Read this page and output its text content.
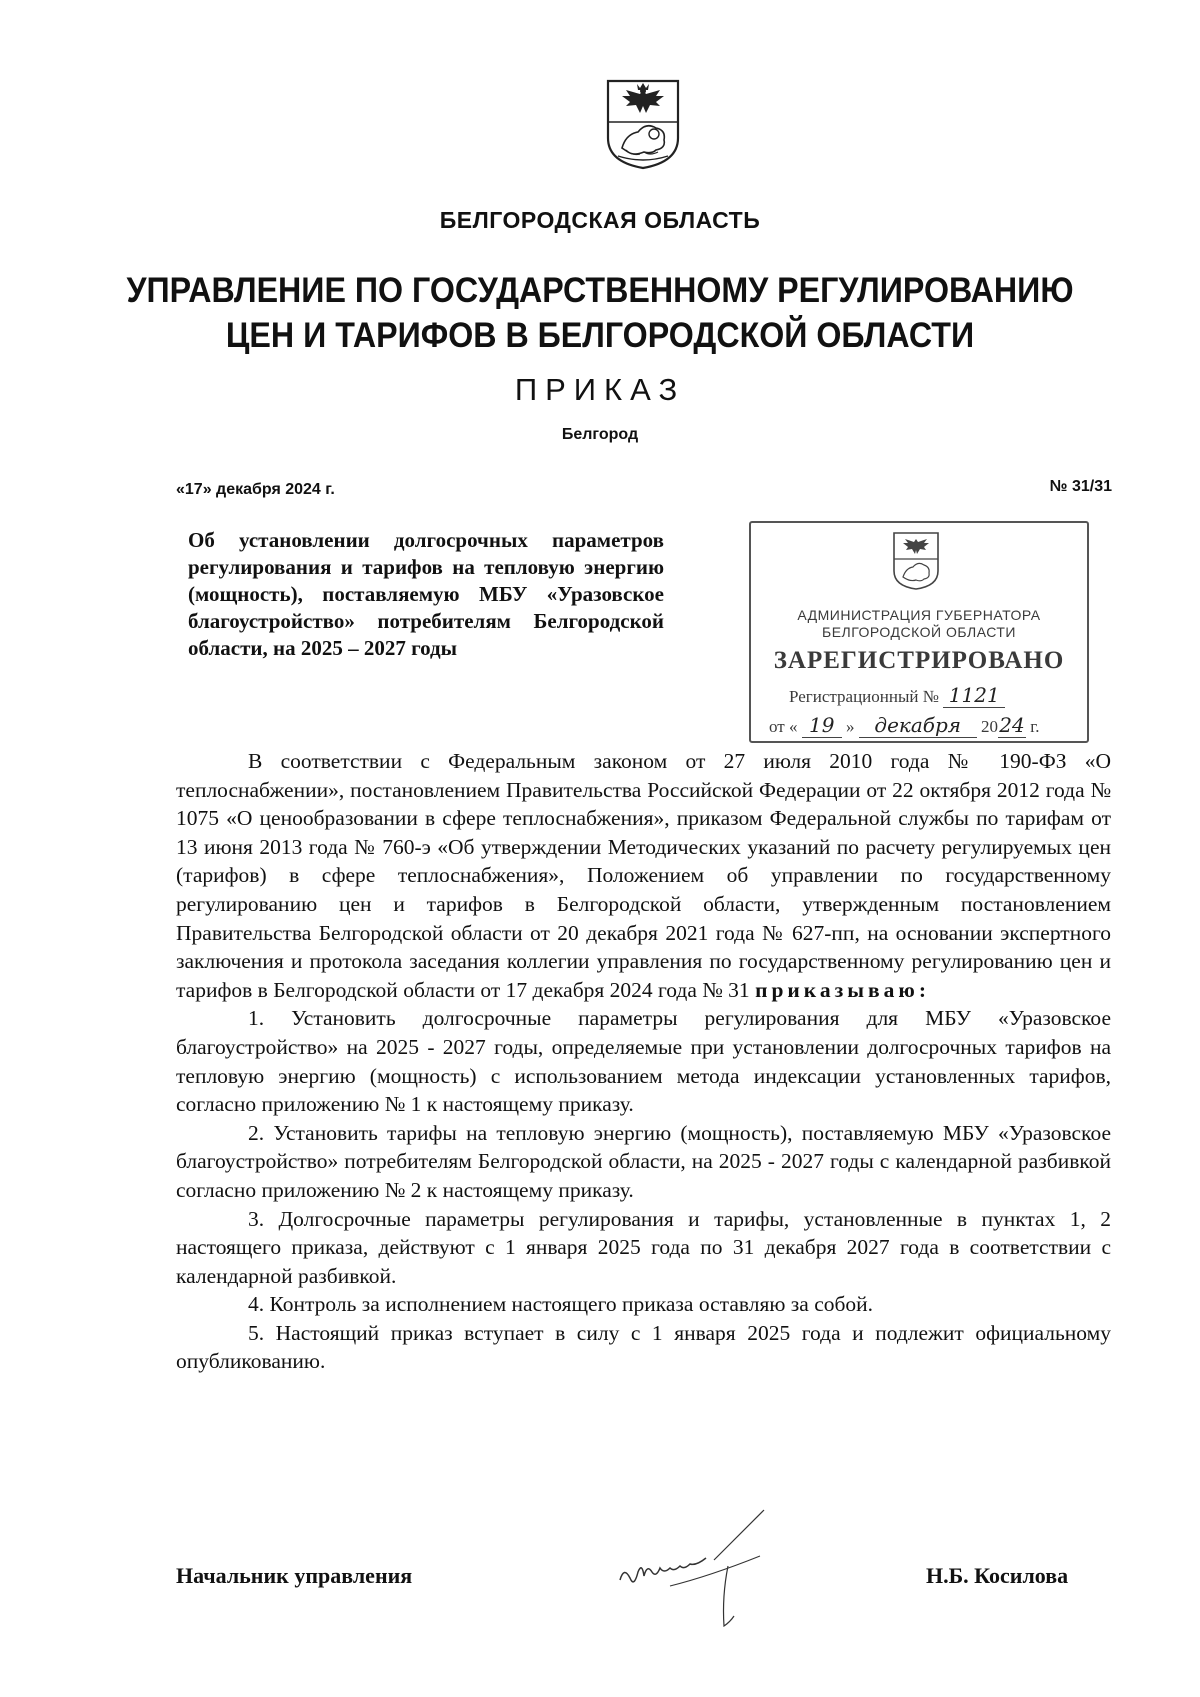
БЕЛГОРОДСКАЯ ОБЛАСТЬ
УПРАВЛЕНИЕ ПО ГОСУДАРСТВЕННОМУ РЕГУЛИРОВАНИЮ
ЦЕН И ТАРИФОВ В БЕЛГОРОДСКОЙ ОБЛАСТИ
ПРИКАЗ
Белгород
«17» декабря 2024 г.	№ 31/31
Об установлении долгосрочных параметров регулирования и тарифов на тепловую энергию (мощность), поставляемую МБУ «Уразовское благоустройство» потребителям Белгородской области, на 2025 – 2027 годы
АДМИНИСТРАЦИЯ ГУБЕРНАТОРА
БЕЛГОРОДСКОЙ ОБЛАСТИ
ЗАРЕГИСТРИРОВАНО
Регистрационный № 1121
от « 19 » декабря 2024 г.

В соответствии с Федеральным законом от 27 июля 2010 года № 190-ФЗ «О теплоснабжении», постановлением Правительства Российской Федерации от 22 октября 2012 года № 1075 «О ценообразовании в сфере теплоснабжения», приказом Федеральной службы по тарифам от 13 июня 2013 года № 760-э «Об утверждении Методических указаний по расчету регулируемых цен (тарифов) в сфере теплоснабжения», Положением об управлении по государственному регулированию цен и тарифов в Белгородской области, утвержденным постановлением Правительства Белгородской области от 20 декабря 2021 года № 627-пп, на основании экспертного заключения и протокола заседания коллегии управления по государственному регулированию цен и тарифов в Белгородской области от 17 декабря 2024 года № 31 приказываю:

1. Установить долгосрочные параметры регулирования для МБУ «Уразовское благоустройство» на 2025 - 2027 годы, определяемые при установлении долгосрочных тарифов на тепловую энергию (мощность) с использованием метода индексации установленных тарифов, согласно приложению № 1 к настоящему приказу.

2. Установить тарифы на тепловую энергию (мощность), поставляемую МБУ «Уразовское благоустройство» потребителям Белгородской области, на 2025 - 2027 годы с календарной разбивкой согласно приложению № 2 к настоящему приказу.

3. Долгосрочные параметры регулирования и тарифы, установленные в пунктах 1, 2 настоящего приказа, действуют с 1 января 2025 года по 31 декабря 2027 года в соответствии с календарной разбивкой.

4. Контроль за исполнением настоящего приказа оставляю за собой.

5. Настоящий приказ вступает в силу с 1 января 2025 года и подлежит официальному опубликованию.

Начальник управления	Н.Б. Косилова
